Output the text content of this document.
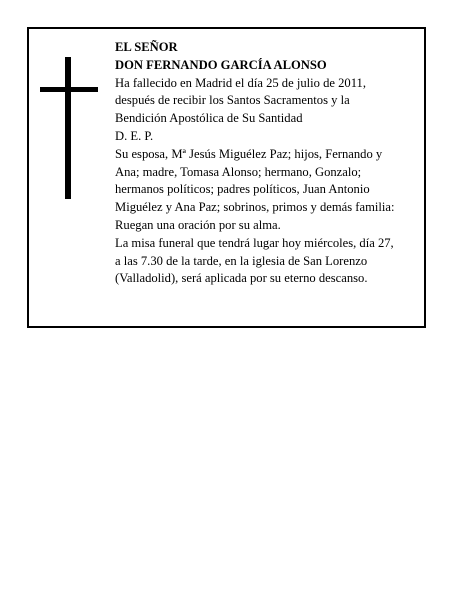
EL SEÑOR
DON FERNANDO GARCÍA ALONSO
Ha fallecido en Madrid el día 25 de julio de 2011,
después de recibir los Santos Sacramentos y la
Bendición Apostólica de Su Santidad
D. E. P.
Su esposa, Mª Jesús Miguélez Paz; hijos, Fernando y
Ana; madre, Tomasa Alonso; hermano, Gonzalo;
hermanos políticos; padres políticos, Juan Antonio
Miguélez y Ana Paz; sobrinos, primos y demás familia:
Ruegan una oración por su alma.
La misa funeral que tendrá lugar hoy miércoles, día 27,
a las 7.30 de la tarde, en la iglesia de San Lorenzo
(Valladolid), será aplicada por su eterno descanso.
